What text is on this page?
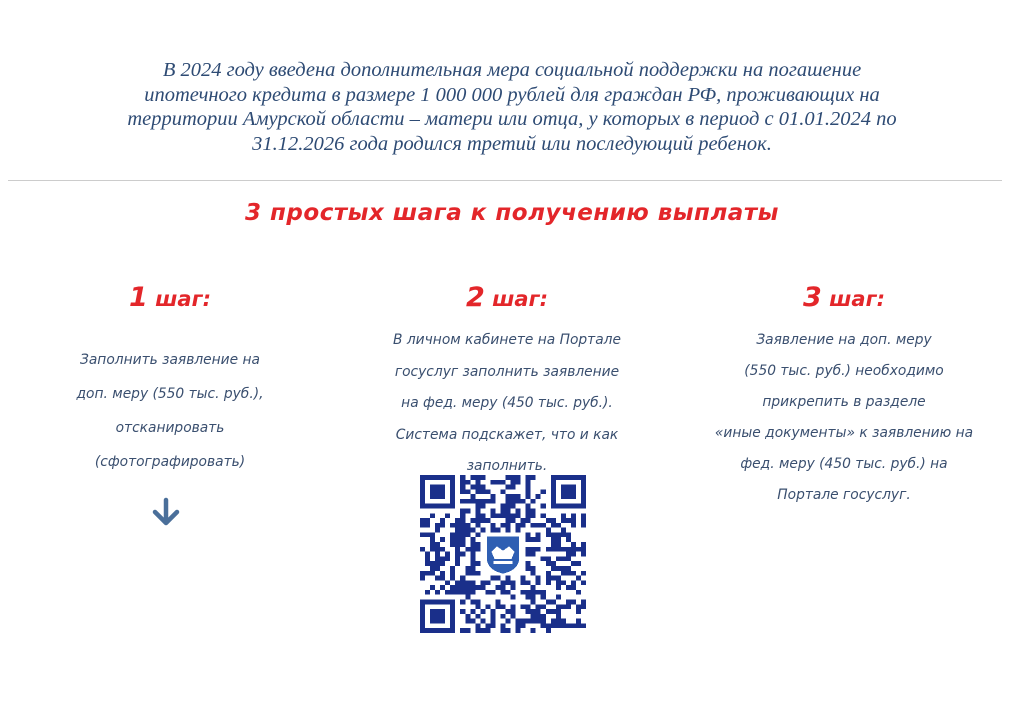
В 2024 году введена дополнительная мера социальной поддержки на погашение
ипотечного кредита в размере 1 000 000 рублей для граждан РФ, проживающих на
территории Амурской области – матери или отца, у которых в период с 01.01.2024 по
31.12.2026 года родился третий или последующий ребенок.

3 простых шага к получению выплаты

1 шаг:

Заполнить заявление на
доп. меру (550 тыс. руб.),
отсканировать
(сфотографировать)

2 шаг:

В личном кабинете на Портале
госуслуг заполнить заявление
на фед. меру (450 тыс. руб.).
Система подскажет, что и как
заполнить.

3 шаг:

Заявление на доп. меру
(550 тыс. руб.) необходимо
прикрепить в разделе
«иные документы» к заявлению на
фед. меру (450 тыс. руб.) на
Портале госуслуг.
